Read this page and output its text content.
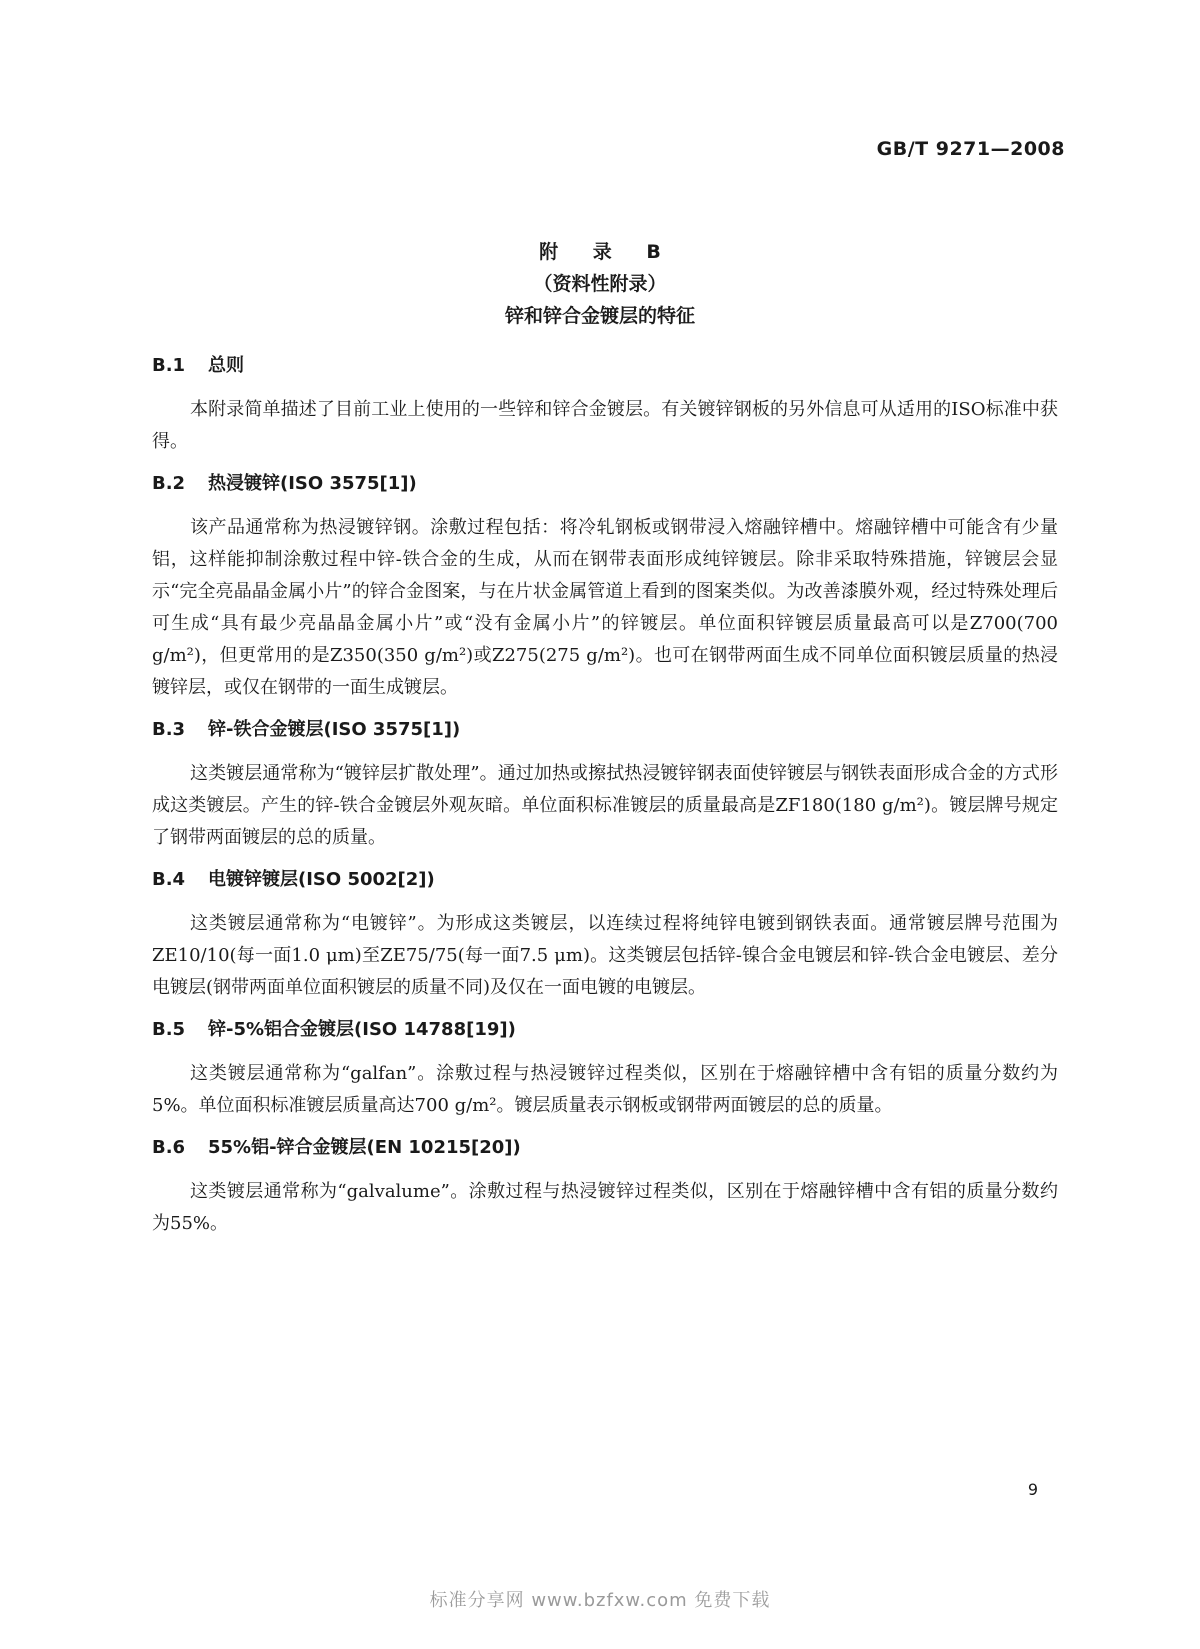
GB/T 9271—2008
附 录 B
（资料性附录）
锌和锌合金镀层的特征
B.1 总则

本附录简单描述了目前工业上使用的一些锌和锌合金镀层。有关镀锌钢板的另外信息可从适用的ISO标准中获得。

B.2 热浸镀锌(ISO 3575[1])

该产品通常称为热浸镀锌钢。涂敷过程包括：将冷轧钢板或钢带浸入熔融锌槽中。熔融锌槽中可能含有少量铝，这样能抑制涂敷过程中锌-铁合金的生成，从而在钢带表面形成纯锌镀层。除非采取特殊措施，锌镀层会显示“完全亮晶晶金属小片”的锌合金图案，与在片状金属管道上看到的图案类似。为改善漆膜外观，经过特殊处理后可生成“具有最少亮晶晶金属小片”或“没有金属小片”的锌镀层。单位面积锌镀层质量最高可以是Z700(700 g/m²)，但更常用的是Z350(350 g/m²)或Z275(275 g/m²)。也可在钢带两面生成不同单位面积镀层质量的热浸镀锌层，或仅在钢带的一面生成镀层。

B.3 锌-铁合金镀层(ISO 3575[1])

这类镀层通常称为“镀锌层扩散处理”。通过加热或擦拭热浸镀锌钢表面使锌镀层与钢铁表面形成合金的方式形成这类镀层。产生的锌-铁合金镀层外观灰暗。单位面积标准镀层的质量最高是ZF180(180 g/m²)。镀层牌号规定了钢带两面镀层的总的质量。

B.4 电镀锌镀层(ISO 5002[2])

这类镀层通常称为“电镀锌”。为形成这类镀层，以连续过程将纯锌电镀到钢铁表面。通常镀层牌号范围为ZE10/10(每一面1.0 μm)至ZE75/75(每一面7.5 μm)。这类镀层包括锌-镍合金电镀层和锌-铁合金电镀层、差分电镀层(钢带两面单位面积镀层的质量不同)及仅在一面电镀的电镀层。

B.5 锌-5%铝合金镀层(ISO 14788[19])

这类镀层通常称为“galfan”。涂敷过程与热浸镀锌过程类似，区别在于熔融锌槽中含有铝的质量分数约为5%。单位面积标准镀层质量高达700 g/m²。镀层质量表示钢板或钢带两面镀层的总的质量。

B.6 55%铝-锌合金镀层(EN 10215[20])

这类镀层通常称为“galvalume”。涂敷过程与热浸镀锌过程类似，区别在于熔融锌槽中含有铝的质量分数约为55%。

9
标准分享网 www.bzfxw.com 免费下载
